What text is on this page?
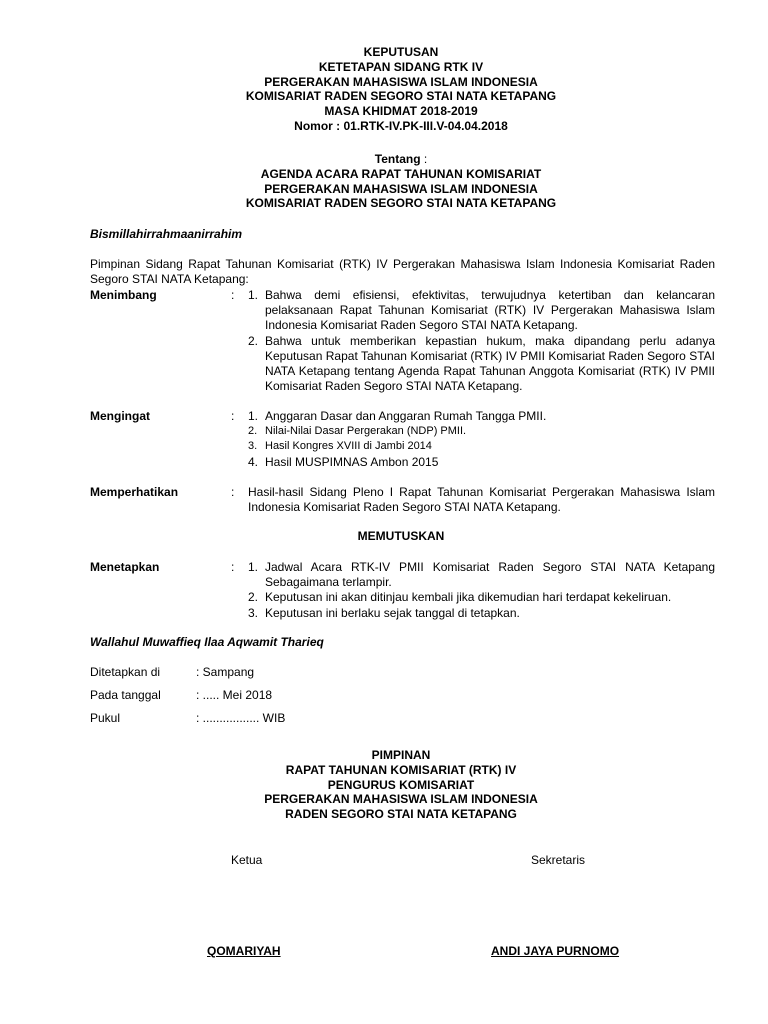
KEPUTUSAN
KETETAPAN SIDANG RTK IV
PERGERAKAN MAHASISWA ISLAM INDONESIA
KOMISARIAT RADEN SEGORO STAI NATA KETAPANG
MASA KHIDMAT 2018-2019
Nomor : 01.RTK-IV.PK-III.V-04.04.2018
Tentang :
AGENDA ACARA RAPAT TAHUNAN KOMISARIAT
PERGERAKAN MAHASISWA ISLAM INDONESIA
KOMISARIAT RADEN SEGORO STAI NATA KETAPANG
Bismillahirrahmaanirrahim
Pimpinan Sidang Rapat Tahunan Komisariat (RTK) IV Pergerakan Mahasiswa Islam Indonesia Komisariat Raden Segoro STAI NATA Ketapang:
Menimbang	: 1. Bahwa demi efisiensi, efektivitas, terwujudnya ketertiban dan kelancaran pelaksanaan Rapat Tahunan Komisariat (RTK) IV Pergerakan Mahasiswa Islam Indonesia Komisariat Raden Segoro STAI NATA Ketapang.
2. Bahwa untuk memberikan kepastian hukum, maka dipandang perlu adanya Keputusan Rapat Tahunan Komisariat (RTK) IV PMII Komisariat Raden Segoro STAI NATA Ketapang tentang Agenda Rapat Tahunan Anggota Komisariat (RTK) IV PMII Komisariat Raden Segoro STAI NATA Ketapang.
Mengingat	: 1. Anggaran Dasar dan Anggaran Rumah Tangga PMII.
2. Nilai-Nilai Dasar Pergerakan (NDP) PMII.
3. Hasil Kongres XVIII di Jambi 2014
4. Hasil MUSPIMNAS Ambon 2015
Memperhatikan	: Hasil-hasil Sidang Pleno I Rapat Tahunan Komisariat Pergerakan Mahasiswa Islam Indonesia Komisariat Raden Segoro STAI NATA Ketapang.
MEMUTUSKAN
Menetapkan	: 1. Jadwal Acara RTK-IV PMII Komisariat Raden Segoro STAI NATA Ketapang Sebagaimana terlampir.
2. Keputusan ini akan ditinjau kembali jika dikemudian hari terdapat kekeliruan.
3. Keputusan ini berlaku sejak tanggal di tetapkan.
Wallahul Muwaffieq Ilaa Aqwamit Tharieq
Ditetapkan di	: Sampang
Pada tanggal	: ..... Mei 2018
Pukul	: ................. WIB
PIMPINAN
RAPAT TAHUNAN KOMISARIAT (RTK) IV
PENGURUS KOMISARIAT
PERGERAKAN MAHASISWA ISLAM INDONESIA
RADEN SEGORO STAI NATA KETAPANG
Ketua	Sekretaris
QOMARIYAH	ANDI JAYA PURNOMO
